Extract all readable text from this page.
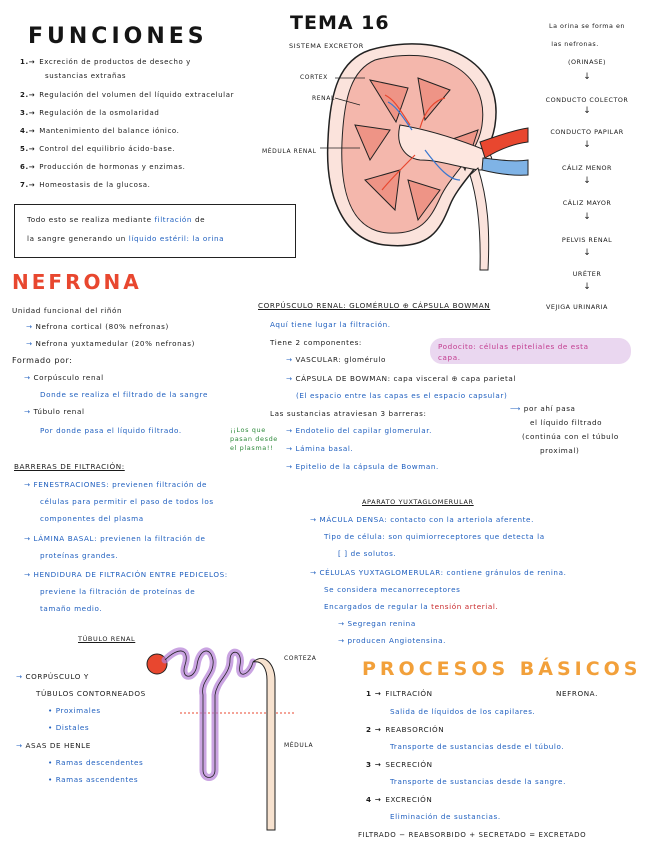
FUNCIONES
TEMA 16
SISTEMA EXCRETOR
1.→ Excreción de productos de desecho y
sustancias extrañas
2.→ Regulación del volumen del líquido extracelular
3.→ Regulación de la osmolaridad
4.→ Mantenimiento del balance iónico.
5.→ Control del equilibrio ácido-base.
6.→ Producción de hormonas y enzimas.
7.→ Homeostasis de la glucosa.
Todo esto se realiza mediante filtración de
la sangre generando un líquido estéril: la orina
CORTEX
RENAL
MÉDULA RENAL
La orina se forma en
las nefronas.
(ORINASE)
↓
CONDUCTO COLECTOR
↓
CONDUCTO PAPILAR
↓
CÁLIZ MENOR
↓
CÁLIZ MAYOR
↓
PELVIS RENAL
↓
URÉTER
↓
VEJIGA URINARIA
NEFRONA
Unidad funcional del riñón
→ Nefrona cortical (80% nefronas)
→ Nefrona yuxtamedular (20% nefronas)
Formado por:
→ Corpúsculo renal
Donde se realiza el filtrado de la sangre
→ Túbulo renal
Por donde pasa el líquido filtrado.
CORPÚSCULO RENAL: GLOMÉRULO ⊕ CÁPSULA BOWMAN
Aquí tiene lugar la filtración.
Tiene 2 componentes:
→ VASCULAR: glomérulo
→ CÁPSULA DE BOWMAN: capa visceral ⊕ capa parietal
(El espacio entre las capas es el espacio capsular)
Podocito: células epiteliales de esta
capa.
⟶ por ahí pasa
el líquido filtrado
(continúa con el túbulo
proximal)
Las sustancias atraviesan 3 barreras:
→ Endotelio del capilar glomerular.
→ Lámina basal.
→ Epitelio de la cápsula de Bowman.
¡¡Los que
pasan desde
el plasma!!
BARRERAS DE FILTRACIÓN:
→ FENESTRACIONES: previenen filtración de
células para permitir el paso de todos los
componentes del plasma
→ LÁMINA BASAL: previenen la filtración de
proteínas grandes.
→ HENDIDURA DE FILTRACIÓN ENTRE PEDICELOS:
previene la filtración de proteínas de
tamaño medio.
APARATO YUXTAGLOMERULAR
→ MÁCULA DENSA: contacto con la arteriola aferente.
Tipo de célula: son quimiorreceptores que detecta la
[ ] de solutos.
→ CÉLULAS YUXTAGLOMERULAR: contiene gránulos de renina.
Se considera mecanorreceptores
Encargados de regular la tensión arterial.
→ Segregan renina
→ producen Angiotensina.
TÚBULO RENAL
CORTEZA
MÉDULA
→ CORPÚSCULO Y
TÚBULOS CONTORNEADOS
• Proximales
• Distales
→ ASAS DE HENLE
• Ramas descendentes
• Ramas ascendentes
PROCESOS BÁSICOS
NEFRONA.
1 → FILTRACIÓN
Salida de líquidos de los capilares.
2 → REABSORCIÓN
Transporte de sustancias desde el túbulo.
3 → SECRECIÓN
Transporte de sustancias desde la sangre.
4 → EXCRECIÓN
Eliminación de sustancias.
FILTRADO − REABSORBIDO + SECRETADO = EXCRETADO
